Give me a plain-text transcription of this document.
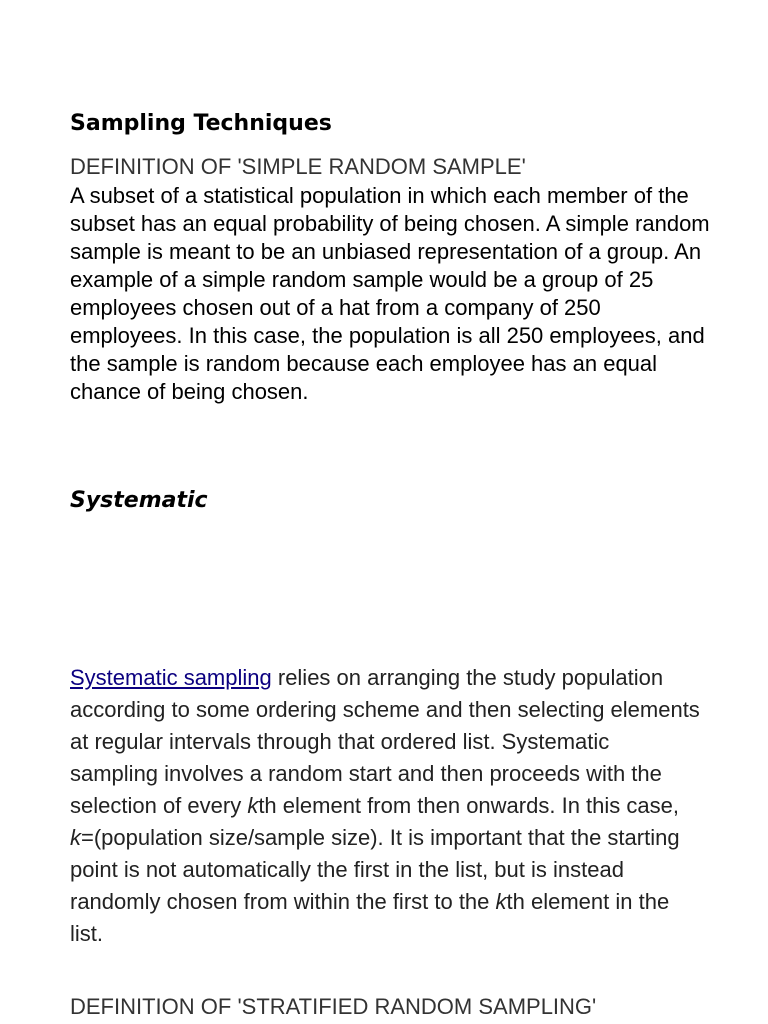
Sampling Techniques

DEFINITION OF 'SIMPLE RANDOM SAMPLE'

A subset of a statistical population in which each member of the subset has an equal probability of being chosen. A simple random sample is meant to be an unbiased representation of a group. An example of a simple random sample would be a group of 25 employees chosen out of a hat from a company of 250 employees. In this case, the population is all 250 employees, and the sample is random because each employee has an equal chance of being chosen.

Systematic

Systematic sampling relies on arranging the study population according to some ordering scheme and then selecting elements at regular intervals through that ordered list. Systematic sampling involves a random start and then proceeds with the selection of every kth element from then onwards. In this case, k=(population size/sample size). It is important that the starting point is not automatically the first in the list, but is instead randomly chosen from within the first to the kth element in the list.

DEFINITION OF 'STRATIFIED RANDOM SAMPLING'
